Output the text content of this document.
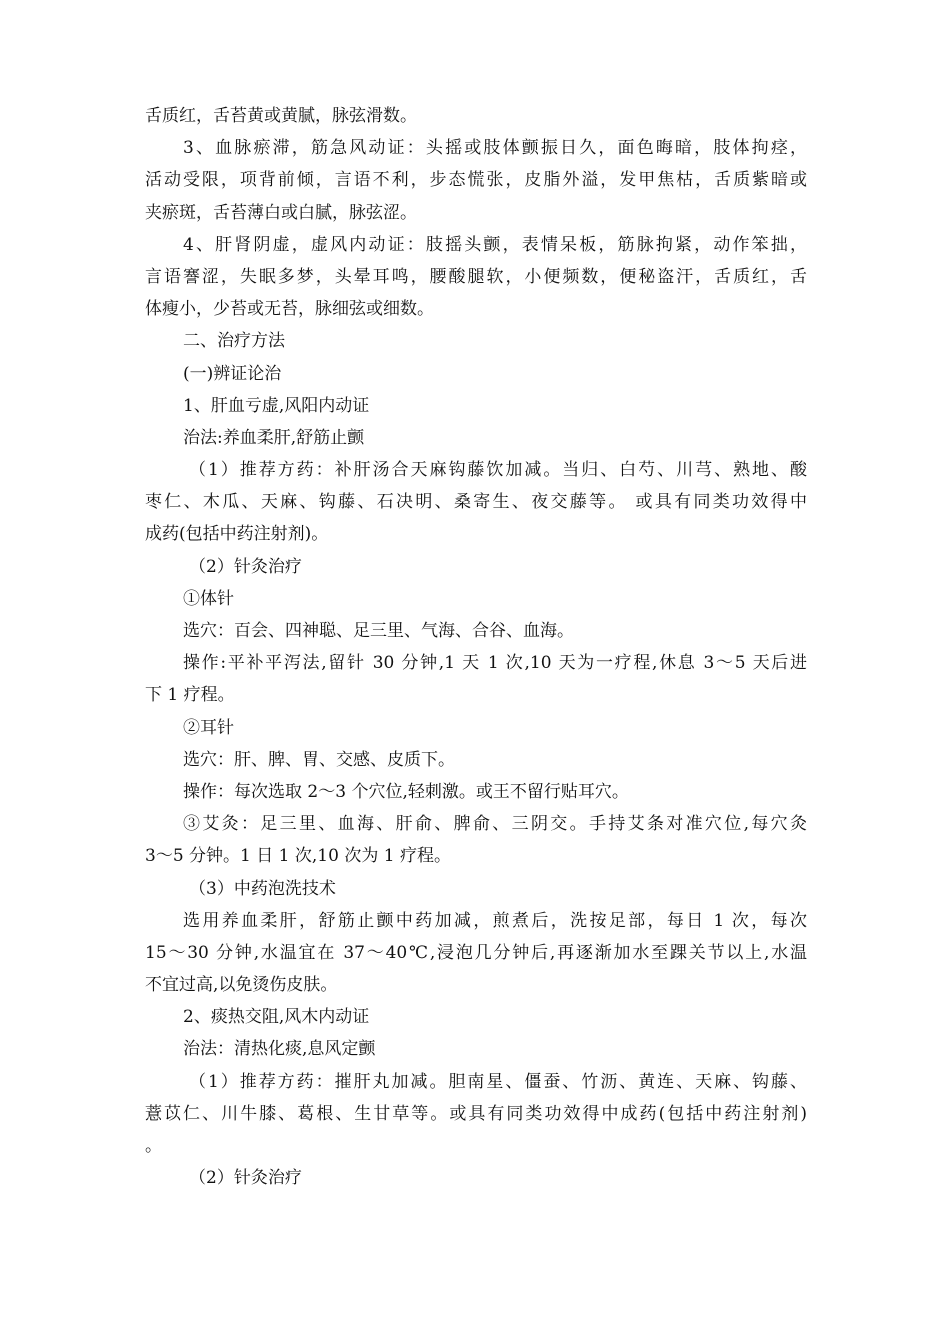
舌质红，舌苔黄或黄腻，脉弦滑数。
3、血脉瘀滞，筋急风动证：头摇或肢体颤振日久，面色晦暗，肢体拘痉，
活动受限，项背前倾，言语不利，步态慌张，皮脂外溢，发甲焦枯，舌质紫暗或
夹瘀斑，舌苔薄白或白腻，脉弦涩。
4、肝肾阴虚，虚风内动证：肢摇头颤，表情呆板，筋脉拘紧，动作笨拙，
言语謇涩，失眠多梦，头晕耳鸣，腰酸腿软，小便频数，便秘盗汗，舌质红，舌
体瘦小，少苔或无苔，脉细弦或细数。
二、治疗方法
(一)辨证论治
1、肝血亏虚,风阳内动证
治法:养血柔肝,舒筋止颤
（1）推荐方药：补肝汤合天麻钩藤饮加减。当归、白芍、川芎、熟地、酸
枣仁、木瓜、天麻、钩藤、石决明、桑寄生、夜交藤等。 或具有同类功效得中
成药(包括中药注射剂)。
（2）针灸治疗
①体针
选穴：百会、四神聪、足三里、气海、合谷、血海。
操作:平补平泻法,留针 30 分钟,1 天 1 次,10 天为一疗程,休息 3～5 天后进
下 1 疗程。
②耳针
选穴：肝、脾、胃、交感、皮质下。
操作：每次选取 2～3 个穴位,轻刺激。或王不留行贴耳穴。
③艾灸：足三里、血海、肝俞、脾俞、三阴交。手持艾条对准穴位,每穴灸
3～5 分钟。1 日 1 次,10 次为 1 疗程。
（3）中药泡洗技术
选用养血柔肝，舒筋止颤中药加减，煎煮后，洗按足部，每日 1 次，每次
15～30 分钟,水温宜在 37～40℃,浸泡几分钟后,再逐渐加水至踝关节以上,水温
不宜过高,以免烫伤皮肤。
2、痰热交阻,风木内动证
治法：清热化痰,息风定颤
（1）推荐方药：摧肝丸加减。胆南星、僵蚕、竹沥、黄连、天麻、钩藤、
薏苡仁、川牛膝、葛根、生甘草等。或具有同类功效得中成药(包括中药注射剂)
。
（2）针灸治疗
